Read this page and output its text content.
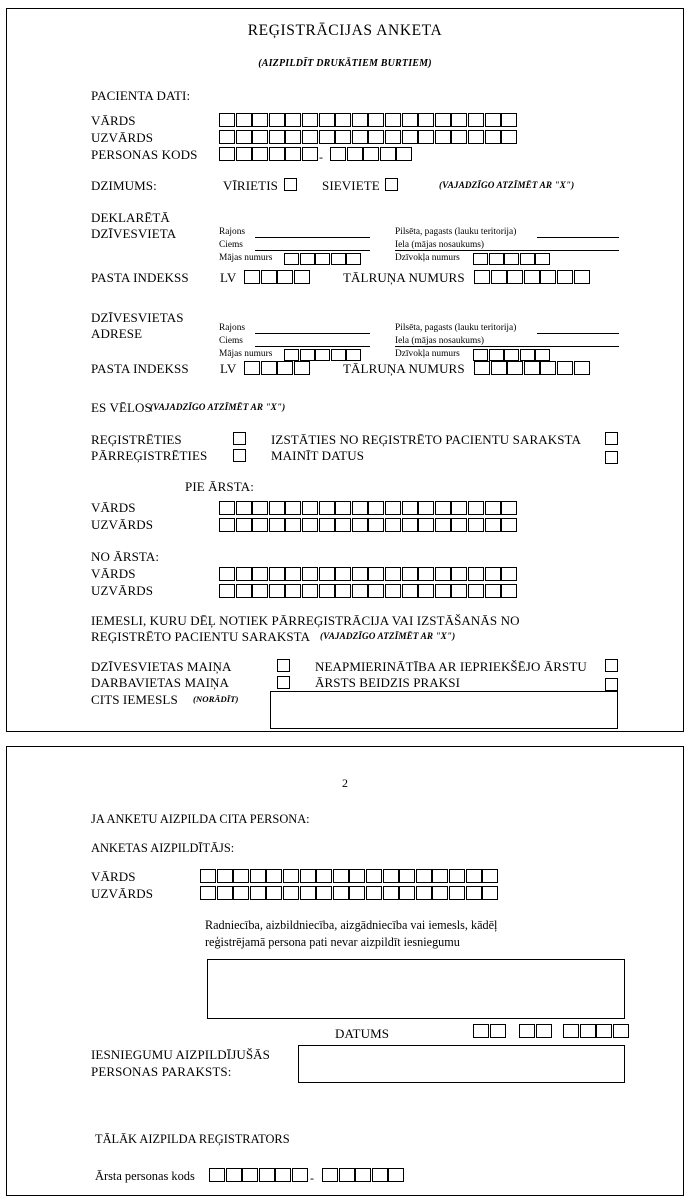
REĢISTRĀCIJAS ANKETA
(AIZPILDĪT DRUKĀTIEM BURTIEM)
PACIENTA DATI:
VĀRDS
UZVĀRDS
PERSONAS KODS	-
DZIMUMS:	VĪRIETIS	SIEVIETE	(VAJADZĪGO ATZĪMĒT AR "X")
DEKLARĒTĀ
DZĪVESVIETA	Rajons	Pilsēta, pagasts (lauku teritorija)
Ciems	Iela (mājas nosaukums)
Mājas numurs	Dzīvokļa numurs
PASTA INDEKSS LV	TĀLRUŅA NUMURS
DZĪVESVIETAS
ADRESE	Rajons	Pilsēta, pagasts (lauku teritorija)
Ciems	Iela (mājas nosaukums)
Mājas numurs	Dzīvokļa numurs
PASTA INDEKSS LV	TĀLRUŅA NUMURS
ES VĒLOS
(VAJADZĪGO ATZĪMĒT AR "X")
REĢISTRĒTIES	IZSTĀTIES NO REĢISTRĒTO PACIENTU SARAKSTA
PĀRREĢISTRĒTIES	MAINĪT DATUS
PIE ĀRSTA:
VĀRDS
UZVĀRDS
NO ĀRSTA:
VĀRDS
UZVĀRDS
IEMESLI, KURU DĒĻ NOTIEK PĀRREĢISTRĀCIJA VAI IZSTĀŠANĀS NO
REĢISTRĒTO PACIENTU SARAKSTA (VAJADZĪGO ATZĪMĒT AR "X")
DZĪVESVIETAS MAIŅA	NEAPMIERINĀTĪBA AR IEPRIEKŠĒJO ĀRSTU
DARBAVIETAS MAIŅA	ĀRSTS BEIDZIS PRAKSI
CITS IEMESLS (NORĀDĪT)
2
JA ANKETU AIZPILDA CITA PERSONA:
ANKETAS AIZPILDĪTĀJS:
VĀRDS
UZVĀRDS
Radniecība, aizbildniecība, aizgādniecība vai iemesls, kādēļ
reģistrējamā persona pati nevar aizpildīt iesniegumu
DATUMS
IESNIEGUMU AIZPILDĪJUŠĀS
PERSONAS PARAKSTS:
TĀLĀK AIZPILDA REĢISTRATORS
Ārsta personas kods	-
